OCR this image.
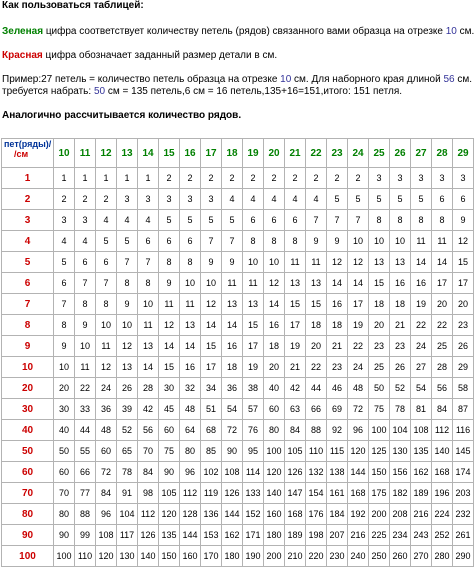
Как пользоваться таблицей:

Зеленая цифра соответствует количеству петель (рядов) связанного вами образца на отрезке 10 см.

Красная цифра обозначает заданный размер детали в см.

Пример:27 петель = количество петель образца на отрезке 10 см. Для наборного края длиной 56 см.

требуется набрать: 50 см = 135 петель,6 см = 16 петель,135+16=151,итого: 151 петля.

Аналогично рассчитывается количество рядов.

пет(ряды)/
/см	10	11	12	13	14	15	16	17	18	19	20	21	22	23	24	25	26	27	28	29
1	1	1	1	1	1	2	2	2	2	2	2	2	2	2	2	3	3	3	3	3
2	2	2	2	3	3	3	3	3	4	4	4	4	4	5	5	5	5	5	6	6
3	3	3	4	4	4	5	5	5	5	6	6	6	7	7	7	8	8	8	8	9
4	4	4	5	5	6	6	6	7	7	8	8	8	9	9	10	10	10	11	11	12
5	5	6	6	7	7	8	8	9	9	10	10	11	11	12	12	13	13	14	14	15
6	6	7	7	8	8	9	10	10	11	11	12	13	13	14	14	15	16	16	17	17
7	7	8	8	9	10	11	11	12	13	13	14	15	15	16	17	18	18	19	20	20
8	8	9	10	10	11	12	13	14	14	15	16	17	18	18	19	20	21	22	22	23
9	9	10	11	12	13	14	14	15	16	17	18	19	20	21	22	23	23	24	25	26
10	10	11	12	13	14	15	16	17	18	19	20	21	22	23	24	25	26	27	28	29
20	20	22	24	26	28	30	32	34	36	38	40	42	44	46	48	50	52	54	56	58
30	30	33	36	39	42	45	48	51	54	57	60	63	66	69	72	75	78	81	84	87
40	40	44	48	52	56	60	64	68	72	76	80	84	88	92	96	100	104	108	112	116
50	50	55	60	65	70	75	80	85	90	95	100	105	110	115	120	125	130	135	140	145
60	60	66	72	78	84	90	96	102	108	114	120	126	132	138	144	150	156	162	168	174
70	70	77	84	91	98	105	112	119	126	133	140	147	154	161	168	175	182	189	196	203
80	80	88	96	104	112	120	128	136	144	152	160	168	176	184	192	200	208	216	224	232
90	90	99	108	117	126	135	144	153	162	171	180	189	198	207	216	225	234	243	252	261
100	100	110	120	130	140	150	160	170	180	190	200	210	220	230	240	250	260	270	280	290
